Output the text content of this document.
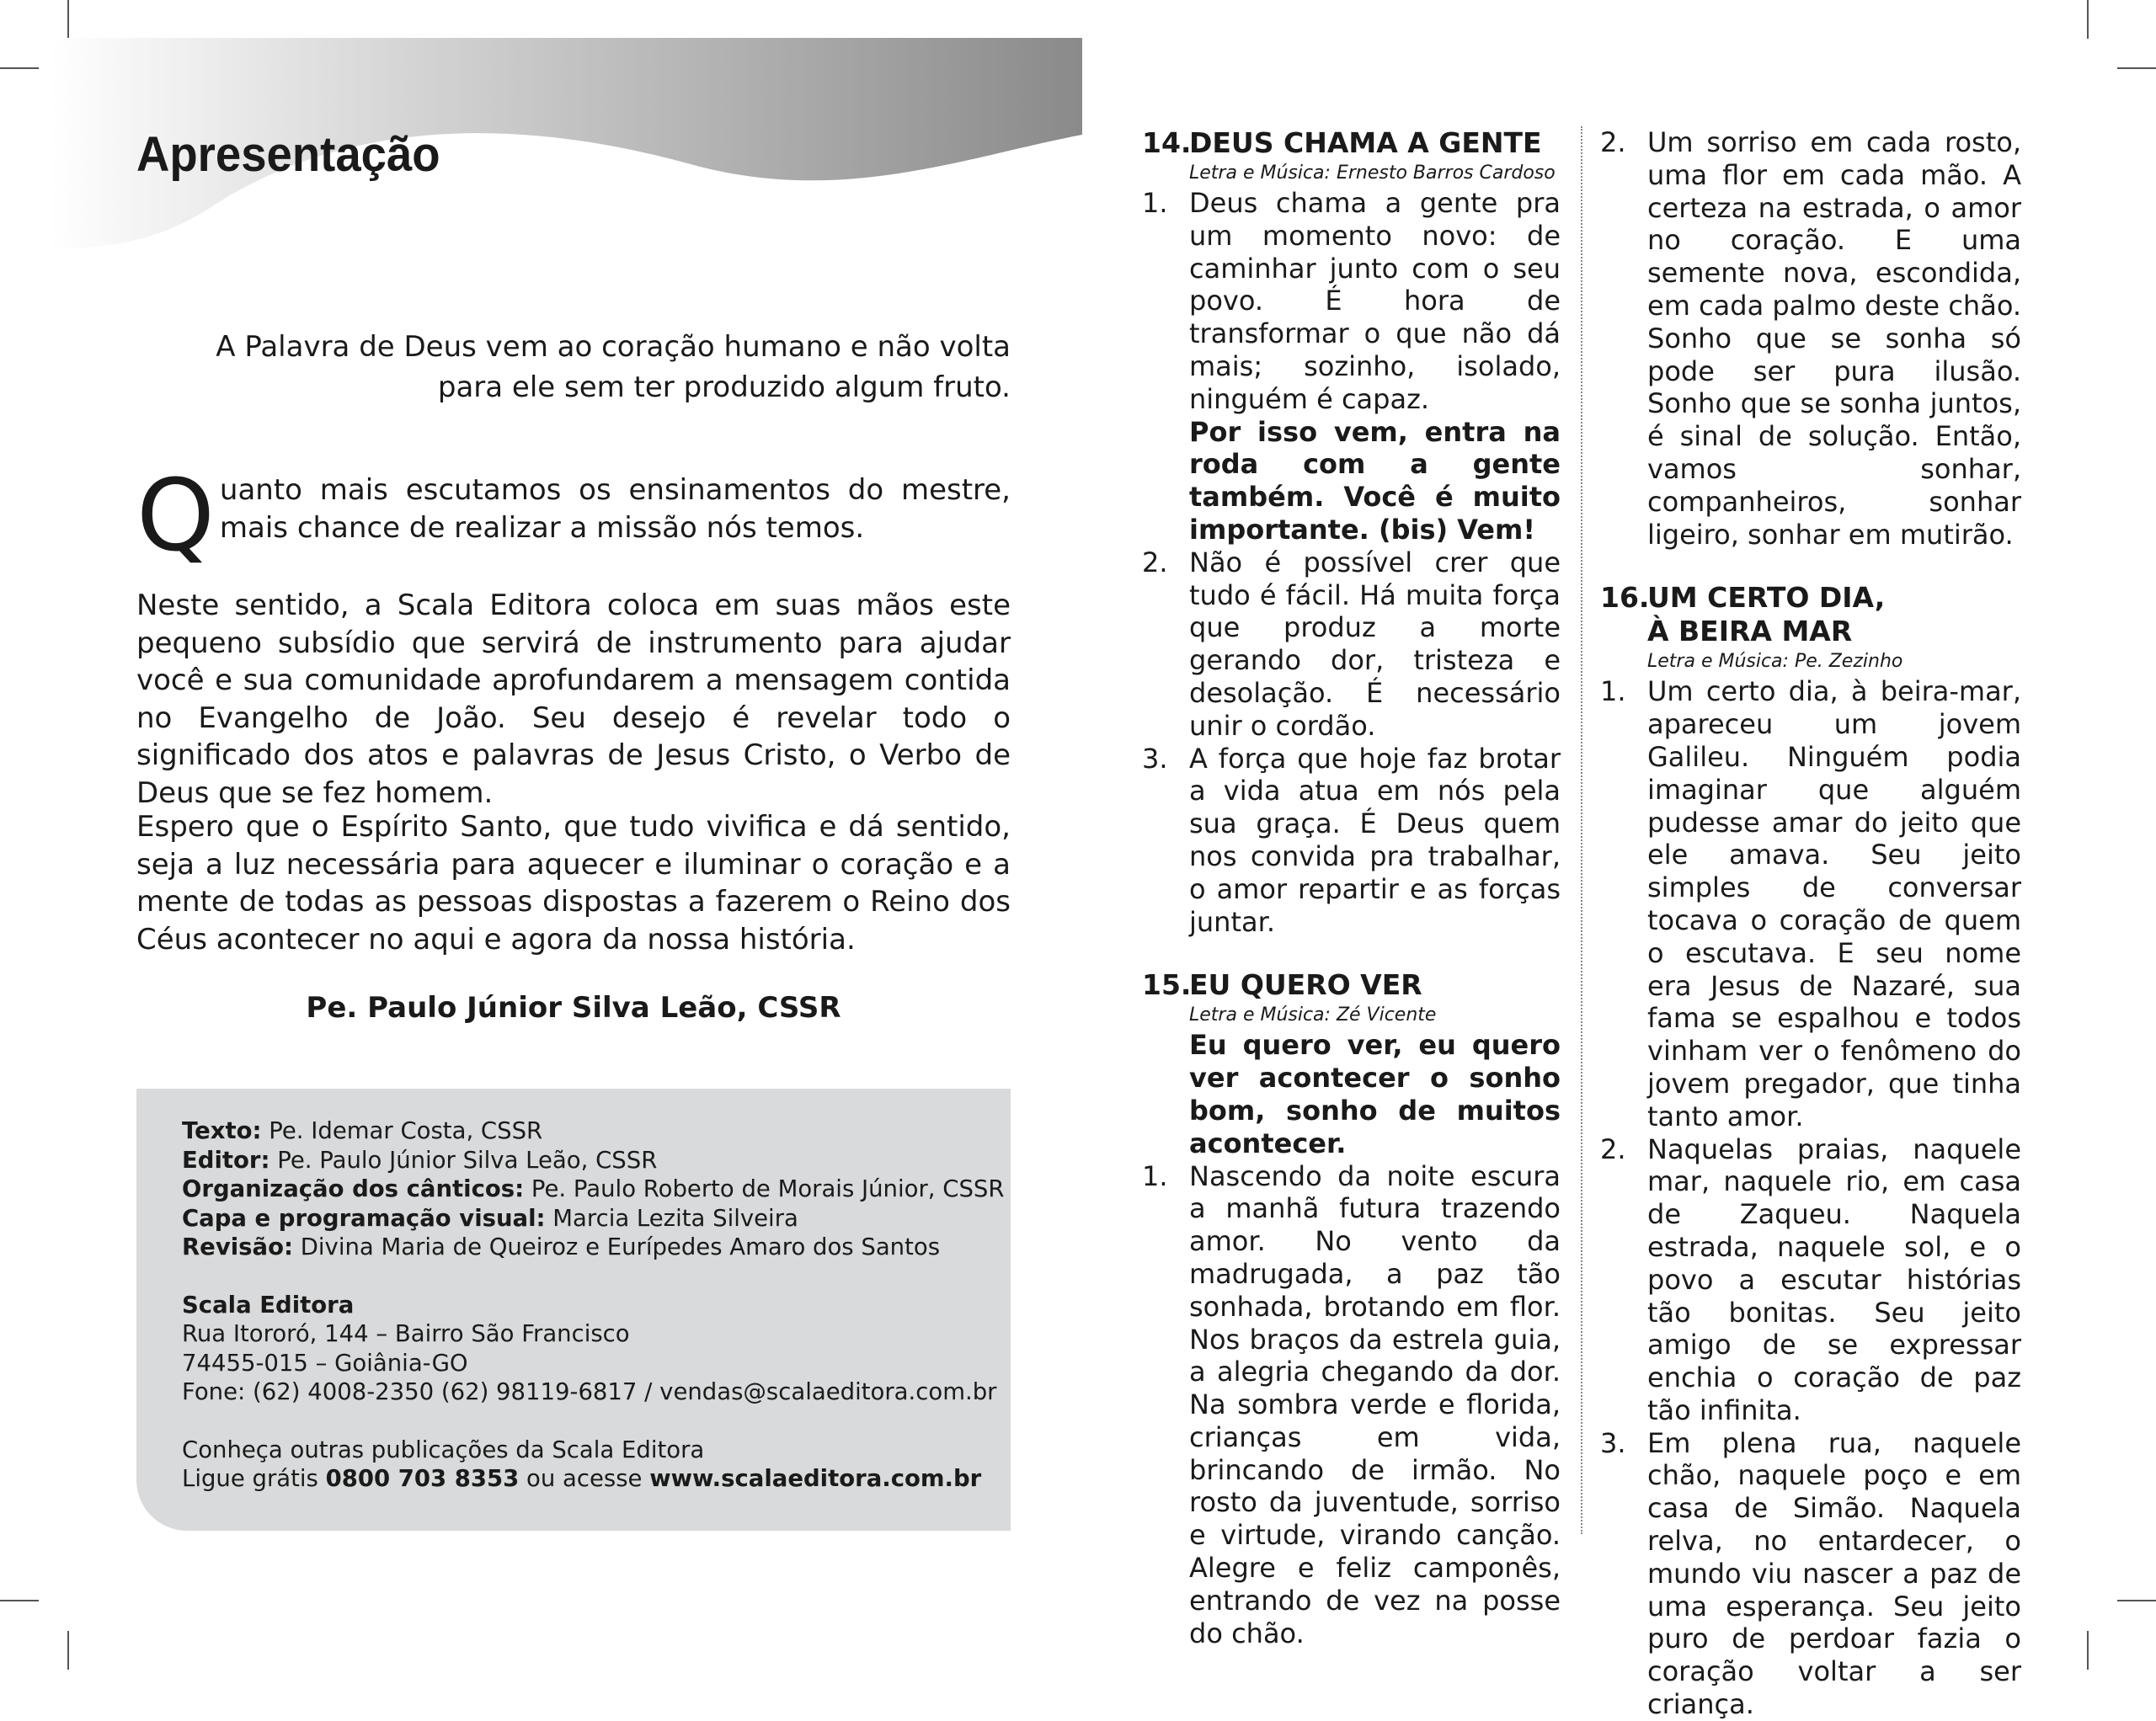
Apresentação
A Palavra de Deus vem ao coração humano e não volta
para ele sem ter produzido algum fruto.
Quanto mais escutamos os ensinamentos do mestre, mais chance de realizar a missão nós temos.
Neste sentido, a Scala Editora coloca em suas mãos este pequeno subsídio que servirá de instrumento para ajudar você e sua comunidade aprofundarem a mensagem contida no Evangelho de João. Seu desejo é revelar todo o significado dos atos e palavras de Jesus Cristo, o Verbo de Deus que se fez homem.
Espero que o Espírito Santo, que tudo vivifica e dá sentido, seja a luz necessária para aquecer e iluminar o coração e a mente de todas as pessoas dispostas a fazerem o Reino dos Céus acontecer no aqui e agora da nossa história.
Pe. Paulo Júnior Silva Leão, CSSR
Texto: Pe. Idemar Costa, CSSR
Editor: Pe. Paulo Júnior Silva Leão, CSSR
Organização dos cânticos: Pe. Paulo Roberto de Morais Júnior, CSSR
Capa e programação visual: Marcia Lezita Silveira
Revisão: Divina Maria de Queiroz e Eurípedes Amaro dos Santos
Scala Editora
Rua Itororó, 144 – Bairro São Francisco
74455-015 – Goiânia-GO
Fone: (62) 4008-2350 (62) 98119-6817 / vendas@scalaeditora.com.br
Conheça outras publicações da Scala Editora
Ligue grátis 0800 703 8353 ou acesse www.scalaeditora.com.br
14.
DEUS CHAMA A GENTE
Letra e Música: Ernesto Barros Cardoso
1. Deus chama a gente pra um momento novo: de caminhar junto com o seu povo. É hora de transformar o que não dá mais; sozinho, isolado, ninguém é capaz.
Por isso vem, entra na roda com a gente também. Você é muito importante. (bis) Vem!
2. Não é possível crer que tudo é fácil. Há muita força que produz a morte gerando dor, tristeza e desolação. É necessário unir o cordão.
3. A força que hoje faz brotar a vida atua em nós pela sua graça. É Deus quem nos convida pra trabalhar, o amor repartir e as forças juntar.
15.
EU QUERO VER
Letra e Música: Zé Vicente
Eu quero ver, eu quero ver acontecer o sonho bom, sonho de muitos acontecer.
1. Nascendo da noite escura a manhã futura trazendo amor. No vento da madrugada, a paz tão sonhada, brotando em flor. Nos braços da estrela guia, a alegria chegando da dor. Na sombra verde e florida, crianças em vida, brincando de irmão. No rosto da juventude, sorriso e virtude, virando canção. Alegre e feliz camponês, entrando de vez na posse do chão.
2. Um sorriso em cada rosto, uma flor em cada mão. A certeza na estrada, o amor no coração. E uma semente nova, escondida, em cada palmo deste chão. Sonho que se sonha só pode ser pura ilusão. Sonho que se sonha juntos, é sinal de solução. Então, vamos sonhar, companheiros, sonhar ligeiro, sonhar em mutirão.
16.
UM CERTO DIA,
À BEIRA MAR
Letra e Música: Pe. Zezinho
1. Um certo dia, à beira-mar, apareceu um jovem Galileu. Ninguém podia imaginar que alguém pudesse amar do jeito que ele amava. Seu jeito simples de conversar tocava o coração de quem o escutava. E seu nome era Jesus de Nazaré, sua fama se espalhou e todos vinham ver o fenômeno do jovem pregador, que tinha tanto amor.
2. Naquelas praias, naquele mar, naquele rio, em casa de Zaqueu. Naquela estrada, naquele sol, e o povo a escutar histórias tão bonitas. Seu jeito amigo de se expressar enchia o coração de paz tão infinita.
3. Em plena rua, naquele chão, naquele poço e em casa de Simão. Naquela relva, no entardecer, o mundo viu nascer a paz de uma esperança. Seu jeito puro de perdoar fazia o coração voltar a ser criança.
